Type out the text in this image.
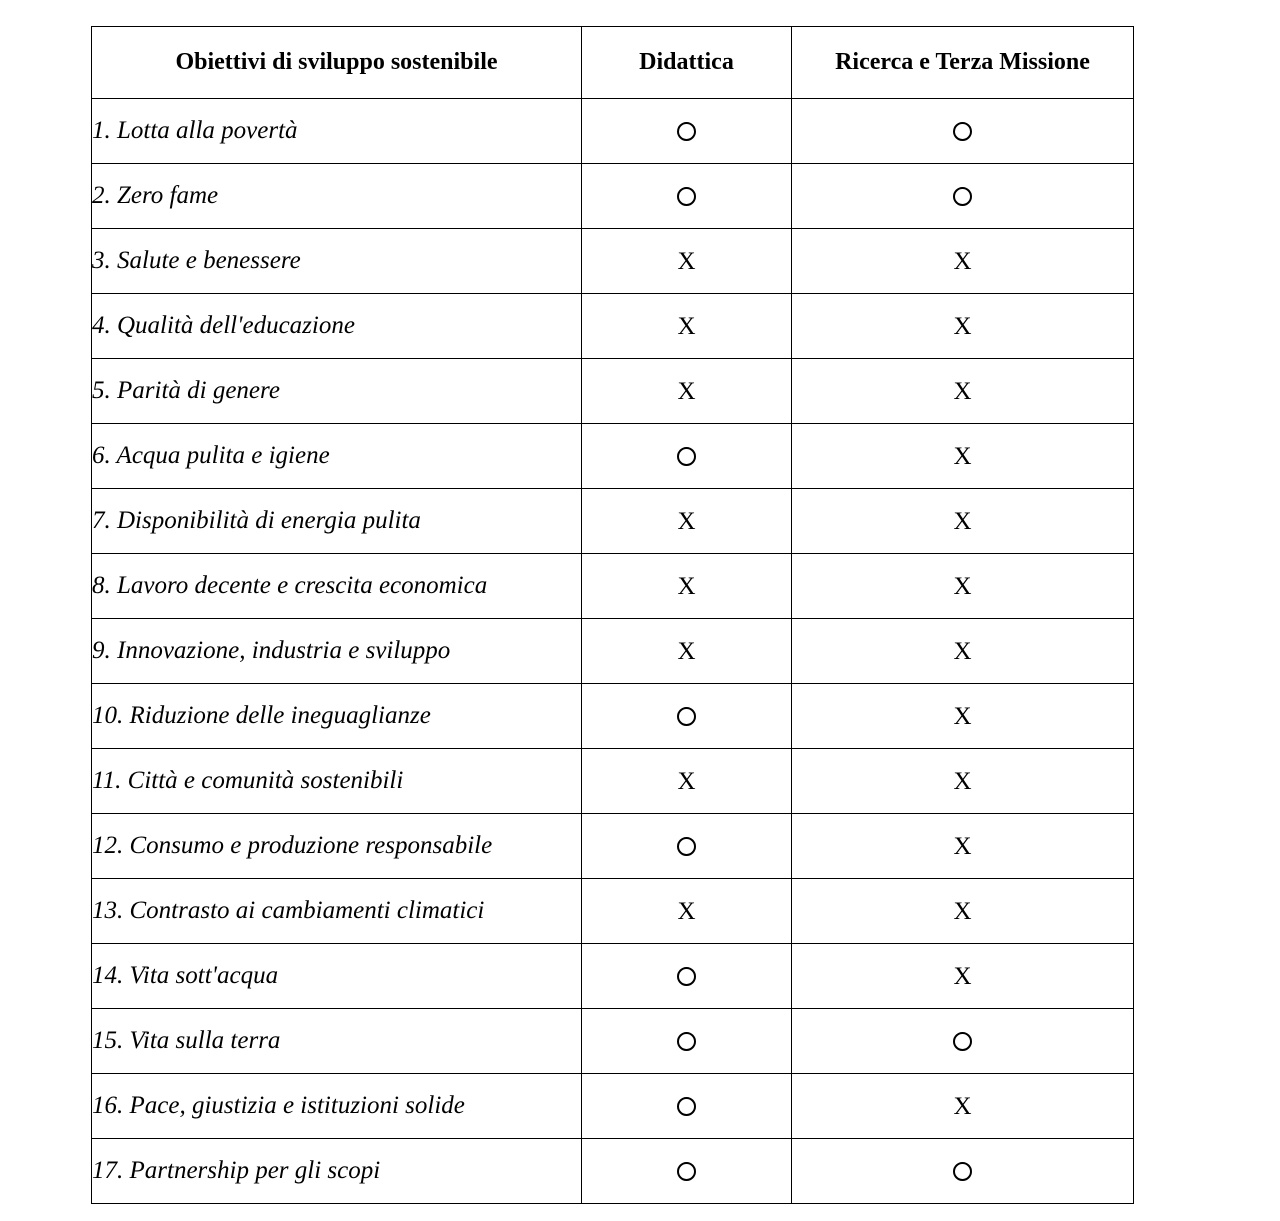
Obiettivi di sviluppo sostenibile	Didattica	Ricerca e Terza Missione
1. Lotta alla povertà		
2. Zero fame		
3. Salute e benessere	X	X
4. Qualità dell'educazione	X	X
5. Parità di genere	X	X
6. Acqua pulita e igiene		X
7. Disponibilità di energia pulita	X	X
8. Lavoro decente e crescita economica	X	X
9. Innovazione, industria e sviluppo	X	X
10. Riduzione delle ineguaglianze		X
11. Città e comunità sostenibili	X	X
12. Consumo e produzione responsabile		X
13. Contrasto ai cambiamenti climatici	X	X
14. Vita sott'acqua		X
15. Vita sulla terra		
16. Pace, giustizia e istituzioni solide		X
17. Partnership per gli scopi		
